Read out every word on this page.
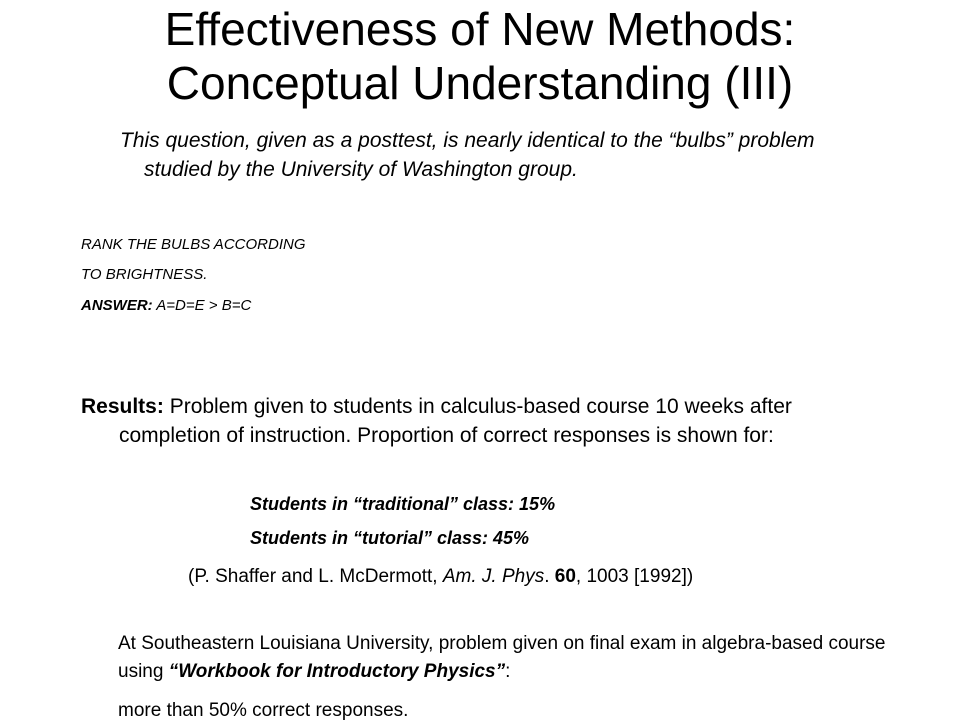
Effectiveness of New Methods:
Conceptual Understanding (III)

This question, given as a posttest, is nearly identical to the “bulbs” problem studied by the University of Washington group.

RANK THE BULBS ACCORDING
TO BRIGHTNESS.
ANSWER: A=D=E > B=C

Results: Problem given to students in calculus-based course 10 weeks after completion of instruction. Proportion of correct responses is shown for:

Students in “traditional” class: 15%
Students in “tutorial” class: 45%
(P. Shaffer and L. McDermott, Am. J. Phys. 60, 1003 [1992])

At Southeastern Louisiana University, problem given on final exam in algebra-based course using “Workbook for Introductory Physics”:

more than 50% correct responses.
